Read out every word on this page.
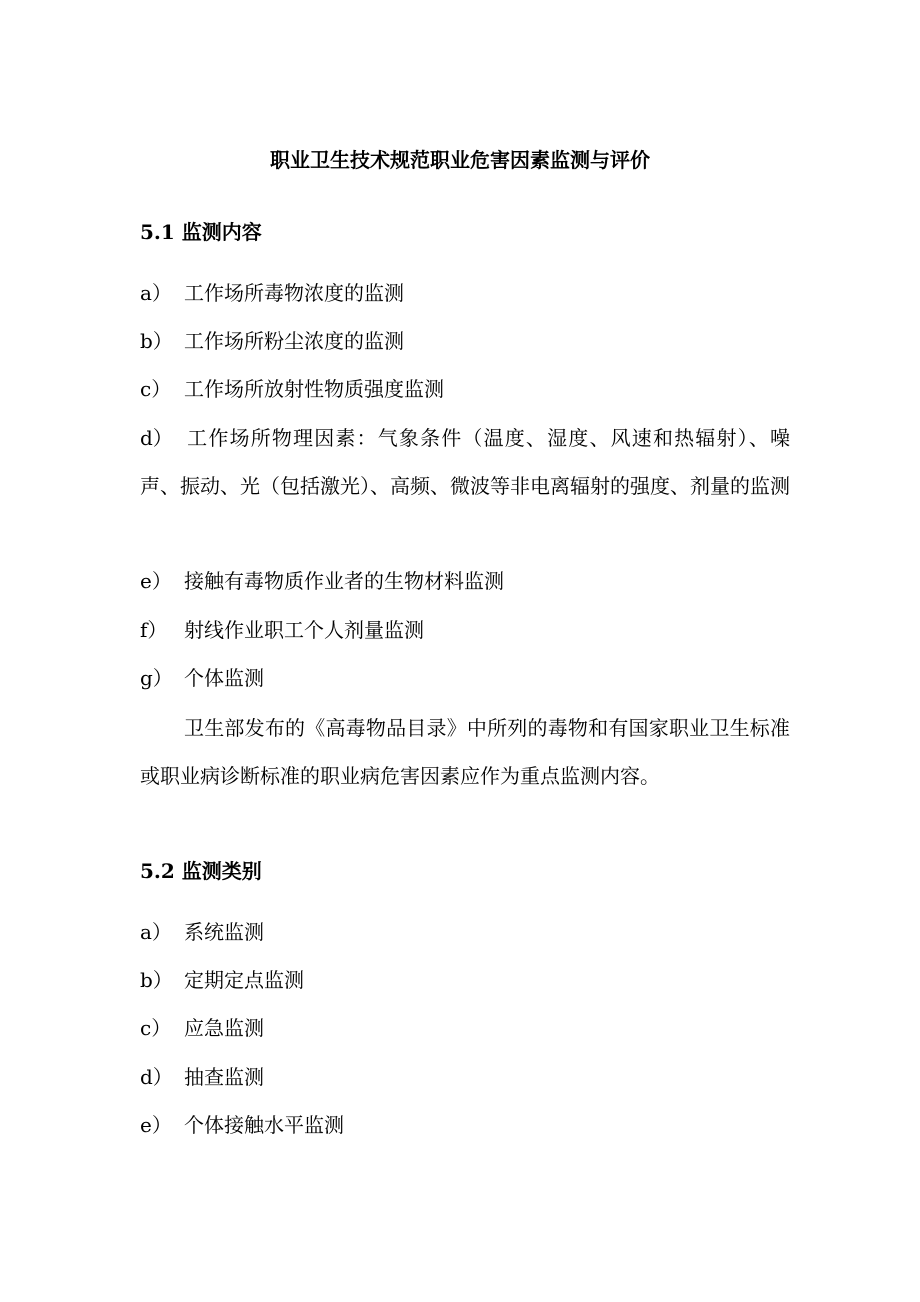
职业卫生技术规范职业危害因素监测与评价
5.1 监测内容
a） 工作场所毒物浓度的监测
b） 工作场所粉尘浓度的监测
c） 工作场所放射性物质强度监测

d） 工作场所物理因素：气象条件（温度、湿度、风速和热辐射）、噪声、振动、光（包括激光）、高频、微波等非电离辐射的强度、剂量的监测

e） 接触有毒物质作业者的生物材料监测
f） 射线作业职工个人剂量监测
g） 个体监测

卫生部发布的《高毒物品目录》中所列的毒物和有国家职业卫生标准或职业病诊断标准的职业病危害因素应作为重点监测内容。

5.2 监测类别
a） 系统监测
b） 定期定点监测
c） 应急监测
d） 抽查监测
e） 个体接触水平监测
